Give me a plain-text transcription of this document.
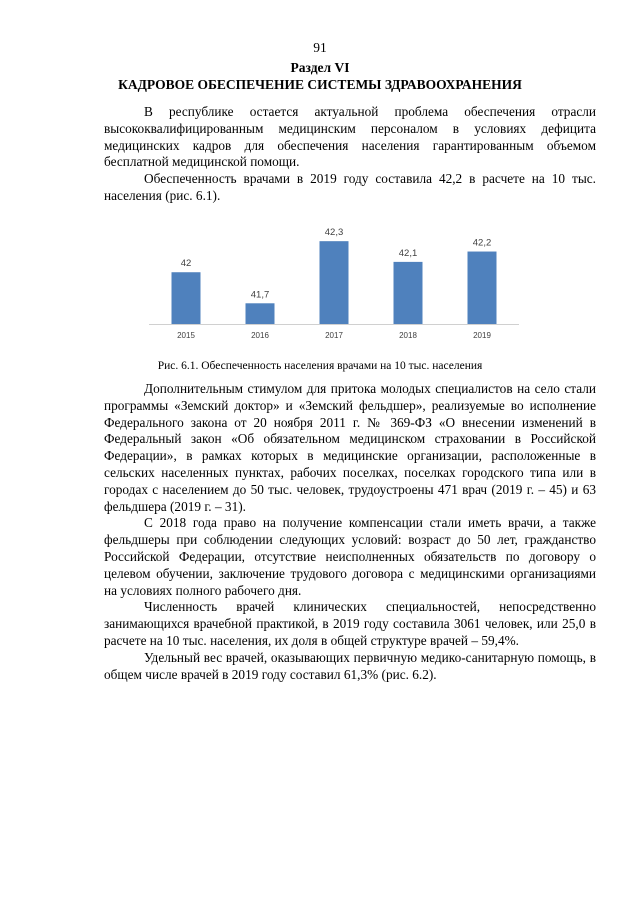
91
Раздел VI
КАДРОВОЕ ОБЕСПЕЧЕНИЕ СИСТЕМЫ ЗДРАВООХРАНЕНИЯ

В республике остается актуальной проблема обеспечения отрасли высококвалифицированным медицинским персоналом в условиях дефицита медицинских кадров для обеспечения населения гарантированным объемом бесплатной медицинской помощи.

Обеспеченность врачами в 2019 году составила 42,2 в расчете на 10 тыс. населения (рис. 6.1).

42
2015
41,7
2016
42,3
2017
42,1
2018
42,2
2019
Рис. 6.1. Обеспеченность населения врачами на 10 тыс. населения

Дополнительным стимулом для притока молодых специалистов на село стали программы «Земский доктор» и «Земский фельдшер», реализуемые во исполнение Федерального закона от 20 ноября 2011 г. № 369-ФЗ «О внесении изменений в Федеральный закон «Об обязательном медицинском страховании в Российской Федерации», в рамках которых в медицинские организации, расположенные в сельских населенных пунктах, рабочих поселках, поселках городского типа или в городах с населением до 50 тыс. человек, трудоустроены 471 врач (2019 г. – 45) и 63 фельдшера (2019 г. – 31).

С 2018 года право на получение компенсации стали иметь врачи, а также фельдшеры при соблюдении следующих условий: возраст до 50 лет, гражданство Российской Федерации, отсутствие неисполненных обязательств по договору о целевом обучении, заключение трудового договора с медицинскими организациями на условиях полного рабочего дня.

Численность врачей клинических специальностей, непосредственно занимающихся врачебной практикой, в 2019 году составила 3061 человек, или 25,0 в расчете на 10 тыс. населения, их доля в общей структуре врачей – 59,4%.

Удельный вес врачей, оказывающих первичную медико-санитарную помощь, в общем числе врачей в 2019 году составил 61,3% (рис. 6.2).
